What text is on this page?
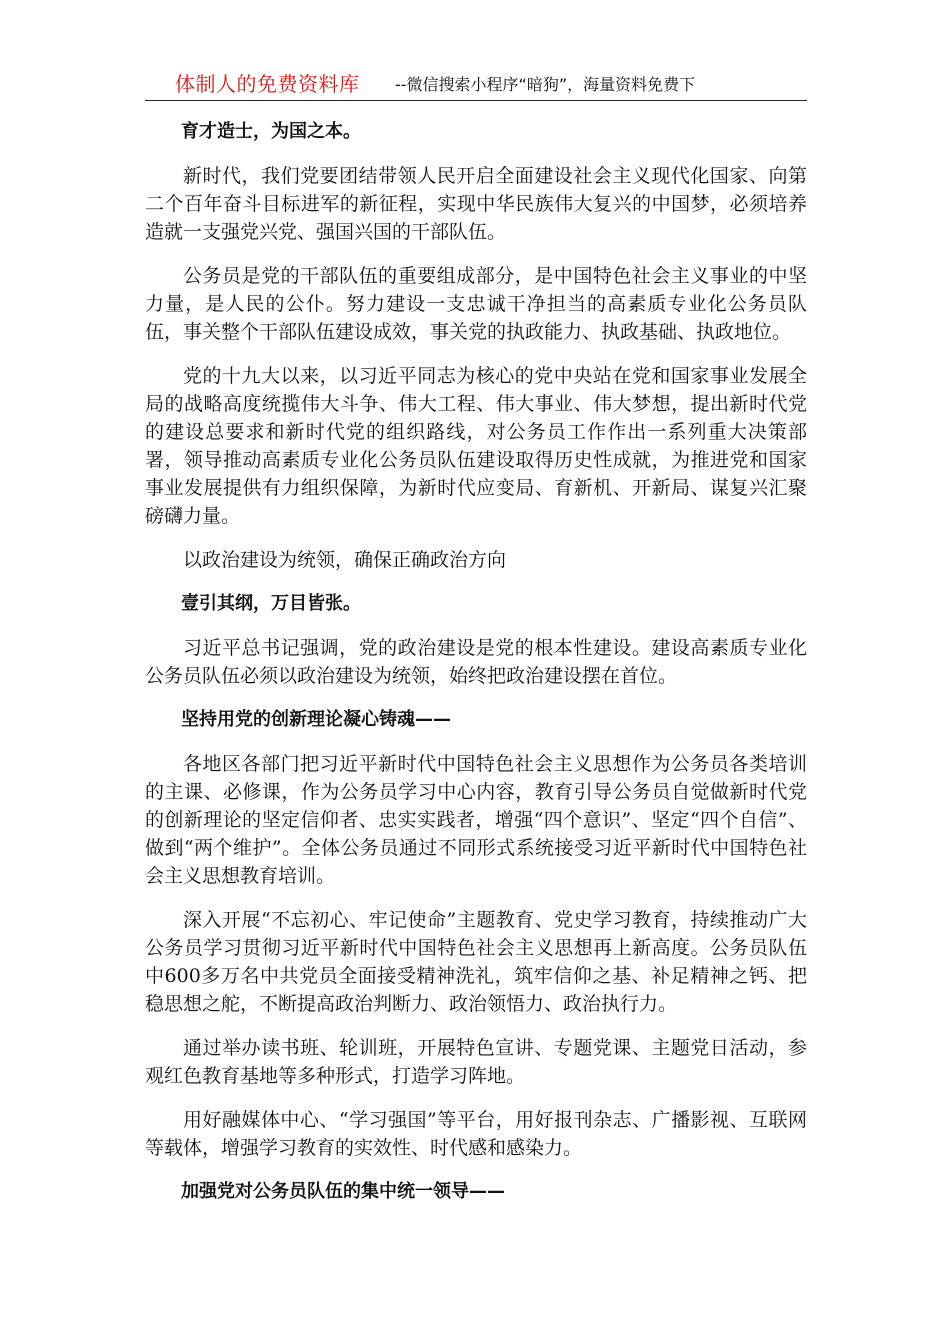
体制人的免费资料库 --微信搜索小程序“暗狗”，海量资料免费下

育才造士，为国之本。

新时代，我们党要团结带领人民开启全面建设社会主义现代化国家、向第二个百年奋斗目标进军的新征程，实现中华民族伟大复兴的中国梦，必须培养造就一支强党兴党、强国兴国的干部队伍。

公务员是党的干部队伍的重要组成部分，是中国特色社会主义事业的中坚力量，是人民的公仆。努力建设一支忠诚干净担当的高素质专业化公务员队伍，事关整个干部队伍建设成效，事关党的执政能力、执政基础、执政地位。

党的十九大以来，以习近平同志为核心的党中央站在党和国家事业发展全局的战略高度统揽伟大斗争、伟大工程、伟大事业、伟大梦想，提出新时代党的建设总要求和新时代党的组织路线，对公务员工作作出一系列重大决策部署，领导推动高素质专业化公务员队伍建设取得历史性成就，为推进党和国家事业发展提供有力组织保障，为新时代应变局、育新机、开新局、谋复兴汇聚磅礴力量。

以政治建设为统领，确保正确政治方向

壹引其纲，万目皆张。

习近平总书记强调，党的政治建设是党的根本性建设。建设高素质专业化公务员队伍必须以政治建设为统领，始终把政治建设摆在首位。

坚持用党的创新理论凝心铸魂——

各地区各部门把习近平新时代中国特色社会主义思想作为公务员各类培训的主课、必修课，作为公务员学习中心内容，教育引导公务员自觉做新时代党的创新理论的坚定信仰者、忠实实践者，增强“四个意识”、坚定“四个自信”、做到“两个维护”。全体公务员通过不同形式系统接受习近平新时代中国特色社会主义思想教育培训。

深入开展“不忘初心、牢记使命”主题教育、党史学习教育，持续推动广大公务员学习贯彻习近平新时代中国特色社会主义思想再上新高度。公务员队伍中600多万名中共党员全面接受精神洗礼，筑牢信仰之基、补足精神之钙、把稳思想之舵，不断提高政治判断力、政治领悟力、政治执行力。

通过举办读书班、轮训班，开展特色宣讲、专题党课、主题党日活动，参观红色教育基地等多种形式，打造学习阵地。

用好融媒体中心、“学习强国”等平台，用好报刊杂志、广播影视、互联网等载体，增强学习教育的实效性、时代感和感染力。

加强党对公务员队伍的集中统一领导——
